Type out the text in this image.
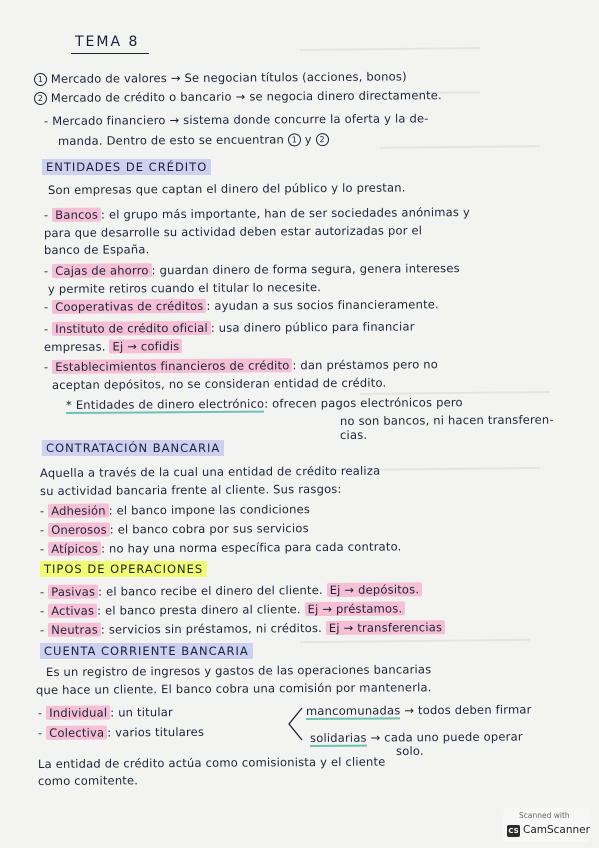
TEMA 8
1 Mercado de valores → Se negocian títulos (acciones, bonos)
2 Mercado de crédito o bancario → se negocia dinero directamente.
- Mercado financiero → sistema donde concurre la oferta y la de-
manda. Dentro de esto se encuentran 1 y 2
ENTIDADES DE CRÉDITO
Son empresas que captan el dinero del público y lo prestan.
- Bancos : el grupo más importante, han de ser sociedades anónimas y
para que desarrolle su actividad deben estar autorizadas por el
banco de España.
- Cajas de ahorro : guardan dinero de forma segura, genera intereses
y permite retiros cuando el titular lo necesite.
- Cooperativas de créditos : ayudan a sus socios financieramente.
- Instituto de crédito oficial : usa dinero público para financiar
empresas. Ej → cofidis
- Establecimientos financieros de crédito : dan préstamos pero no
aceptan depósitos, no se consideran entidad de crédito.
* Entidades de dinero electrónico: ofrecen pagos electrónicos pero
no son bancos, ni hacen transferen-
cias.
CONTRATACIÓN BANCARIA
Aquella a través de la cual una entidad de crédito realiza
su actividad bancaria frente al cliente. Sus rasgos:
- Adhesión : el banco impone las condiciones
- Onerosos : el banco cobra por sus servicios
- Atípicos : no hay una norma específica para cada contrato.
TIPOS DE OPERACIONES
- Pasivas : el banco recibe el dinero del cliente. Ej → depósitos.
- Activas : el banco presta dinero al cliente. Ej → préstamos.
- Neutras : servicios sin préstamos, ni créditos. Ej → transferencias
CUENTA CORRIENTE BANCARIA
Es un registro de ingresos y gastos de las operaciones bancarias
que hace un cliente. El banco cobra una comisión por mantenerla.
- Individual : un titular
- Colectiva : varios titulares
mancomunadas → todos deben firmar
solidarias → cada uno puede operar
solo.
La entidad de crédito actúa como comisionista y el cliente
como comitente.
Scanned with
CS CamScanner
